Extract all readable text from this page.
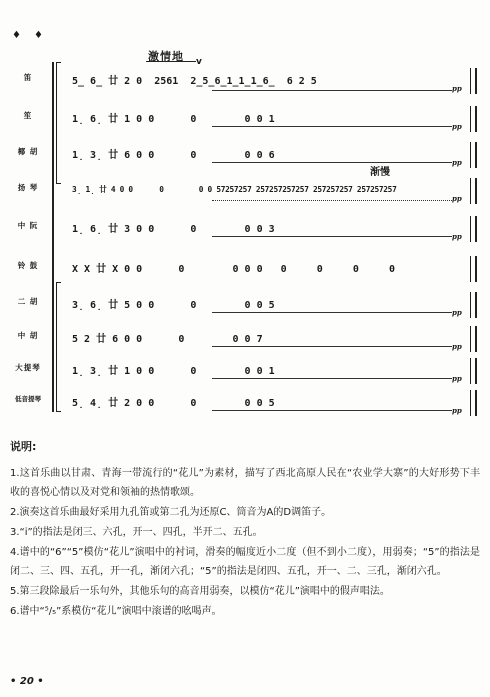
♦ ♦
激情地 v
渐慢
笛	5̲ 6̲ 廿 2 0  2561  2̲5̲6̲1̲1̲1̲6̲  6 2 5
pp
笙	1̣ 6̣ 廿 1 0 0      0        0 0 1
pp
椰 胡	1̣ 3̣ 廿 6 0 0      0        0 0 6
pp
扬 琴	3̣ 1̣ 廿 4 0 0      0        0 0 57257257 257257257257 257257257 257257257
pp
中 阮	1̣ 6̣ 廿 3 0 0      0        0 0 3
pp
铃 鼓	X X 廿 X 0 0      0        0 0 0   0     0     0     0
二 胡	3̣ 6̣ 廿 5 0 0      0        0 0 5
pp
中 胡	5 2 廿 6 0 0      0        0 0 7
pp
大提琴	1̣ 3̣ 廿 1 0 0      0        0 0 1
pp
低音提琴	5̣ 4̣ 廿 2 0 0      0        0 0 5
pp
说明:

1.这首乐曲以甘肃、青海一带流行的“花儿”为素材，描写了西北高原人民在“农业学大寨”的大好形势下丰收的喜悦心情以及对党和领袖的热情歌颂。

2.演奏这首乐曲最好采用九孔笛或第二孔为还原C、筒音为A的D调笛子。

3.“i̇”的指法是闭三、六孔，开一、四孔，半开二、五孔。

4.谱中的“6”“5”模仿“花儿”演唱中的衬词，滑奏的幅度近小二度（但不到小二度），用弱奏；“5”的指法是闭二、三、四、五孔，开一孔，渐闭六孔；“5”的指法是闭四、五孔，开一、二、三孔，渐闭六孔。

5.第三段除最后一乐句外，其他乐句的高音用弱奏，以模仿“花儿”演唱中的假声唱法。

6.谱中“⁵/₅”系模仿“花儿”演唱中滚谱的吆喝声。

• 20 •
